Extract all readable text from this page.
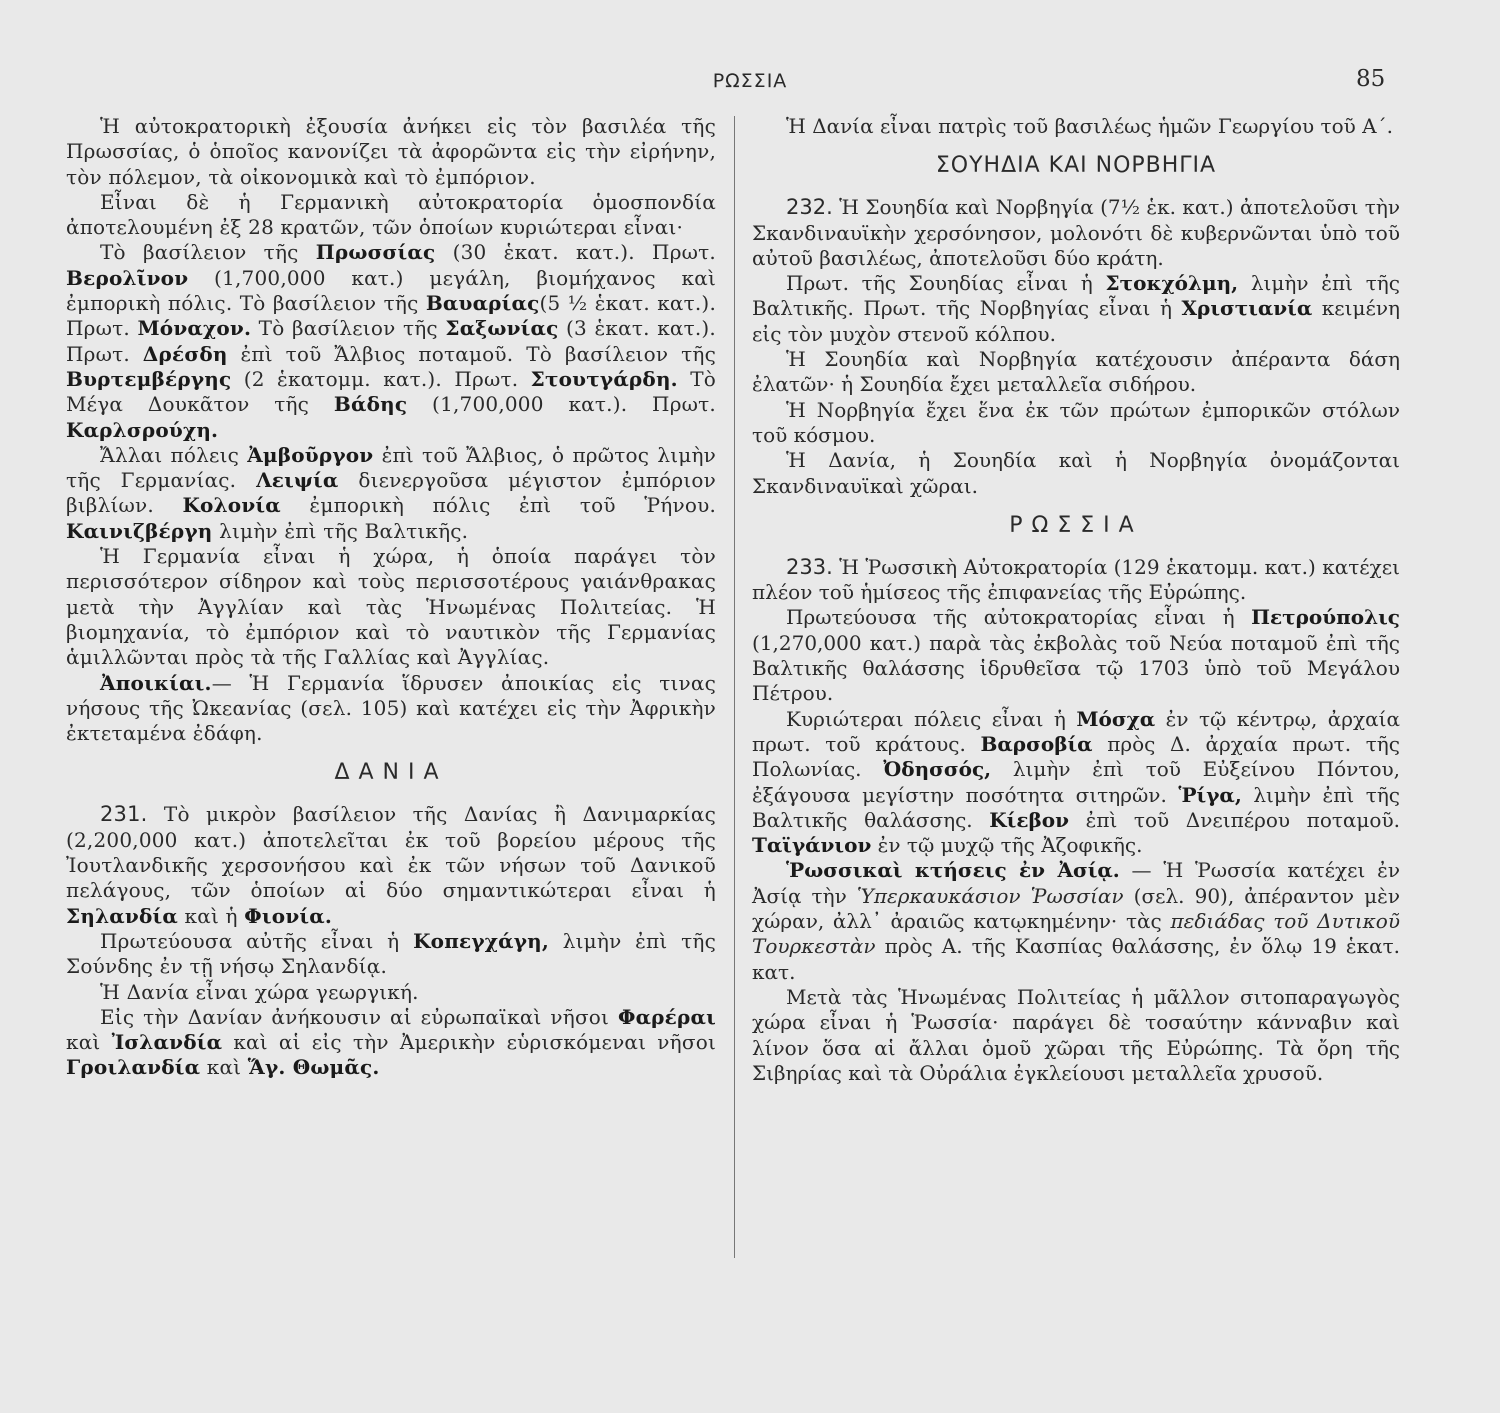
ΡΩΣΣΙΑ	85

Ἡ αὐτοκρατορικὴ ἐξουσία ἀνήκει εἰς τὸν βασιλέα τῆς Πρωσσίας, ὁ ὁποῖος κανονίζει τὰ ἀφορῶντα εἰς τὴν εἰρήνην, τὸν πόλεμον, τὰ οἰκονομικὰ καὶ τὸ ἐμπόριον.

Εἶναι δὲ ἡ Γερμανικὴ αὐτοκρατορία ὁμοσπονδία ἀποτελουμένη ἐξ 28 κρατῶν, τῶν ὁποίων κυριώτεραι εἶναι·

Τὸ βασίλειον τῆς Πρωσσίας (30 ἑκατ. κατ.). Πρωτ. Βερολῖνον (1,700,000 κατ.) μεγάλη, βιομήχανος καὶ ἐμπορικὴ πόλις. Τὸ βασίλειον τῆς Βαυαρίας(5 ½ ἑκατ. κατ.). Πρωτ. Μόναχον. Τὸ βασίλειον τῆς Σαξωνίας (3 ἑκατ. κατ.). Πρωτ. Δρέσδη ἐπὶ τοῦ Ἄλβιος ποταμοῦ. Τὸ βασίλειον τῆς Βυρτεμβέργης (2 ἑκατομμ. κατ.). Πρωτ. Στουτγάρδη. Τὸ Μέγα Δουκᾶτον τῆς Βάδης (1,700,000 κατ.). Πρωτ. Καρλσρούχη.

Ἄλλαι πόλεις Ἀμβοῦργον ἐπὶ τοῦ Ἄλβιος, ὁ πρῶτος λιμὴν τῆς Γερμανίας. Λειψία διενεργοῦσα μέγιστον ἐμπόριον βιβλίων. Κολονία ἐμπορικὴ πόλις ἐπὶ τοῦ Ῥήνου. Καινιζβέργη λιμὴν ἐπὶ τῆς Βαλτικῆς.

Ἡ Γερμανία εἶναι ἡ χώρα, ἡ ὁποία παράγει τὸν περισσότερον σίδηρον καὶ τοὺς περισσοτέρους γαιάνθρακας μετὰ τὴν Ἀγγλίαν καὶ τὰς Ἡνωμένας Πολιτείας. Ἡ βιομηχανία, τὸ ἐμπόριον καὶ τὸ ναυτικὸν τῆς Γερμανίας ἁμιλλῶνται πρὸς τὰ τῆς Γαλλίας καὶ Ἀγγλίας.

Ἀποικίαι.— Ἡ Γερμανία ἵδρυσεν ἀποικίας εἰς τινας νήσους τῆς Ὠκεανίας (σελ. 105) καὶ κατέχει εἰς τὴν Ἀφρικὴν ἐκτεταμένα ἐδάφη.

ΔΑΝΙΑ

231. Τὸ μικρὸν βασίλειον τῆς Δανίας ἢ Δανιμαρκίας (2,200,000 κατ.) ἀποτελεῖται ἐκ τοῦ βορείου μέρους τῆς Ἰουτλανδικῆς χερσονήσου καὶ ἐκ τῶν νήσων τοῦ Δανικοῦ πελάγους, τῶν ὁποίων αἱ δύο σημαντικώτεραι εἶναι ἡ Σηλανδία καὶ ἡ Φιονία.

Πρωτεύουσα αὐτῆς εἶναι ἡ Κοπεγχάγη, λιμὴν ἐπὶ τῆς Σούνδης ἐν τῇ νήσῳ Σηλανδίᾳ.

Ἡ Δανία εἶναι χώρα γεωργική.

Εἰς τὴν Δανίαν ἀνήκουσιν αἱ εὐρωπαϊκαὶ νῆσοι Φαρέραι καὶ Ἰσλανδία καὶ αἱ εἰς τὴν Ἀμερικὴν εὑρισκόμεναι νῆσοι Γροιλανδία καὶ Ἅγ. Θωμᾶς.

Ἡ Δανία εἶναι πατρὶς τοῦ βασιλέως ἡμῶν Γεωργίου τοῦ Α΄.

ΣΟΥΗΔΙΑ ΚΑΙ ΝΟΡΒΗΓΙΑ

232. Ἡ Σουηδία καὶ Νορβηγία (7½ ἑκ. κατ.) ἀποτελοῦσι τὴν Σκανδιναυϊκὴν χερσόνησον, μολονότι δὲ κυβερνῶνται ὑπὸ τοῦ αὐτοῦ βασιλέως, ἀποτελοῦσι δύο κράτη.

Πρωτ. τῆς Σουηδίας εἶναι ἡ Στοκχόλμη, λιμὴν ἐπὶ τῆς Βαλτικῆς. Πρωτ. τῆς Νορβηγίας εἶναι ἡ Χριστιανία κειμένη εἰς τὸν μυχὸν στενοῦ κόλπου.

Ἡ Σουηδία καὶ Νορβηγία κατέχουσιν ἀπέραντα δάση ἐλατῶν· ἡ Σουηδία ἔχει μεταλλεῖα σιδήρου.

Ἡ Νορβηγία ἔχει ἕνα ἐκ τῶν πρώτων ἐμπορικῶν στόλων τοῦ κόσμου.

Ἡ Δανία, ἡ Σουηδία καὶ ἡ Νορβηγία ὀνομάζονται Σκανδιναυϊκαὶ χῶραι.

ΡΩΣΣΙΑ

233. Ἡ Ῥωσσικὴ Αὐτοκρατορία (129 ἑκατομμ. κατ.) κατέχει πλέον τοῦ ἡμίσεος τῆς ἐπιφανείας τῆς Εὐρώπης.

Πρωτεύουσα τῆς αὐτοκρατορίας εἶναι ἡ Πετρούπολις (1,270,000 κατ.) παρὰ τὰς ἐκβολὰς τοῦ Νεύα ποταμοῦ ἐπὶ τῆς Βαλτικῆς θαλάσσης ἱδρυθεῖσα τῷ 1703 ὑπὸ τοῦ Μεγάλου Πέτρου.

Κυριώτεραι πόλεις εἶναι ἡ Μόσχα ἐν τῷ κέντρῳ, ἀρχαία πρωτ. τοῦ κράτους. Βαρσοβία πρὸς Δ. ἀρχαία πρωτ. τῆς Πολωνίας. Ὀδησσός, λιμὴν ἐπὶ τοῦ Εὐξείνου Πόντου, ἐξάγουσα μεγίστην ποσότητα σιτηρῶν. Ῥίγα, λιμὴν ἐπὶ τῆς Βαλτικῆς θαλάσσης. Κίεβον ἐπὶ τοῦ Δνειπέρου ποταμοῦ. Ταϊγάνιον ἐν τῷ μυχῷ τῆς Ἀζοφικῆς.

Ῥωσσικαὶ κτήσεις ἐν Ἀσίᾳ. — Ἡ Ῥωσσία κατέχει ἐν Ἀσίᾳ τὴν Ὑπερκαυκάσιον Ῥωσσίαν (σελ. 90), ἀπέραντον μὲν χώραν, ἀλλ᾽ ἀραιῶς κατῳκημένην· τὰς πεδιάδας τοῦ Δυτικοῦ Τουρκεστὰν πρὸς Α. τῆς Κασπίας θαλάσσης, ἐν ὅλῳ 19 ἑκατ. κατ.

Μετὰ τὰς Ἡνωμένας Πολιτείας ἡ μᾶλλον σιτοπαραγωγὸς χώρα εἶναι ἡ Ῥωσσία· παράγει δὲ τοσαύτην κάνναβιν καὶ λίνον ὅσα αἱ ἄλλαι ὁμοῦ χῶραι τῆς Εὐρώπης. Τὰ ὄρη τῆς Σιβηρίας καὶ τὰ Οὐράλια ἐγκλείουσι μεταλλεῖα χρυσοῦ.
